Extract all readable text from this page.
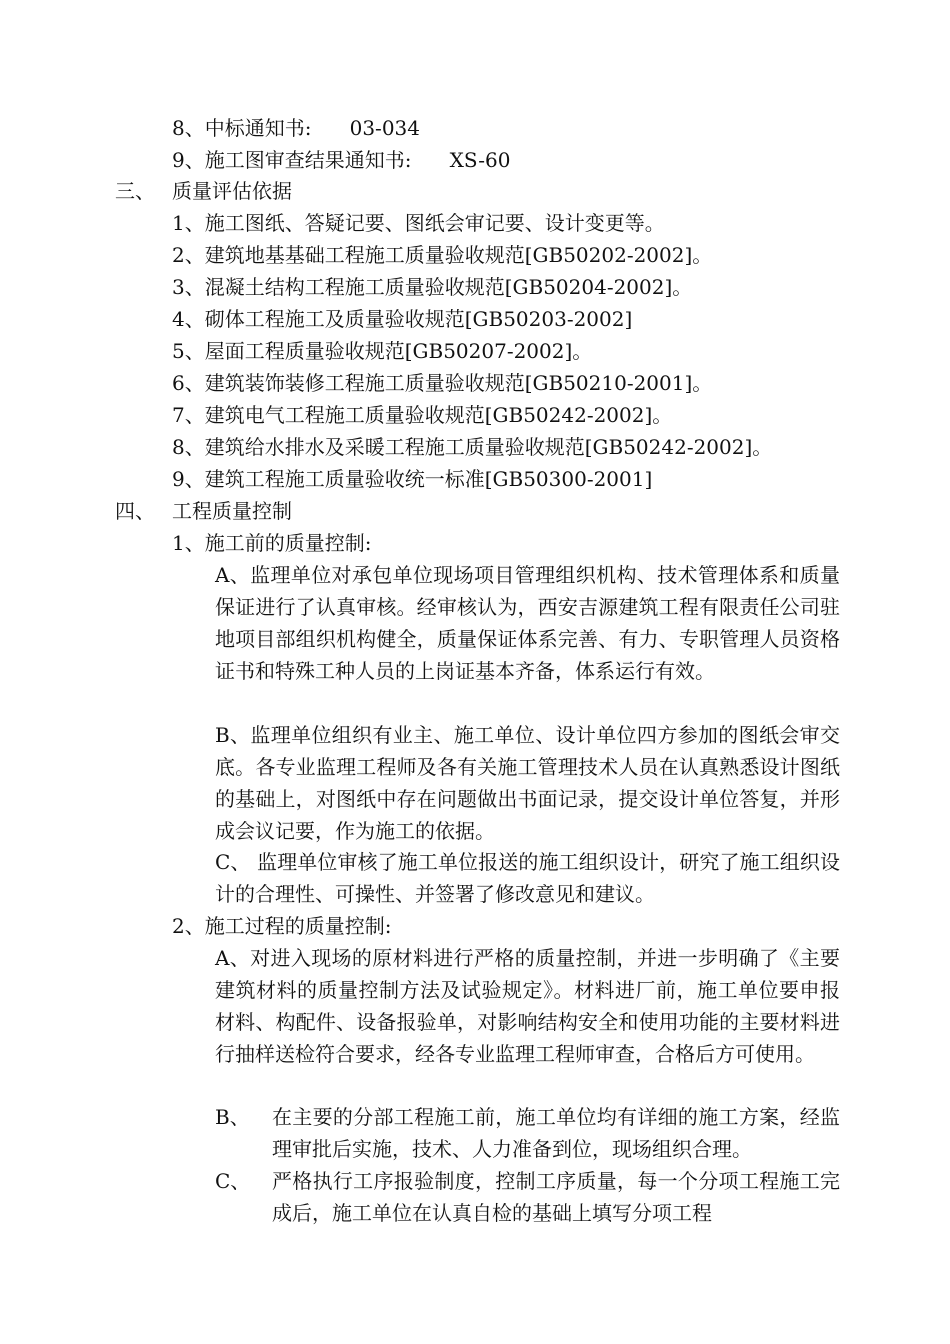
8、中标通知书:      03-034
9、施工图审查结果通知书:      XS-60
三、 质量评估依据
1、施工图纸、答疑记要、图纸会审记要、设计变更等。
2、建筑地基基础工程施工质量验收规范[GB50202-2002]。
3、混凝土结构工程施工质量验收规范[GB50204-2002]。
4、砌体工程施工及质量验收规范[GB50203-2002]
5、屋面工程质量验收规范[GB50207-2002]。
6、建筑装饰装修工程施工质量验收规范[GB50210-2001]。
7、建筑电气工程施工质量验收规范[GB50242-2002]。
8、建筑给水排水及采暖工程施工质量验收规范[GB50242-2002]。
9、建筑工程施工质量验收统一标准[GB50300-2001]
四、 工程质量控制
1、施工前的质量控制:
A、监理单位对承包单位现场项目管理组织机构、技术管理体系和质量保证进行了认真审核。经审核认为，西安吉源建筑工程有限责任公司驻地项目部组织机构健全，质量保证体系完善、有力、专职管理人员资格证书和特殊工种人员的上岗证基本齐备，体系运行有效。
B、监理单位组织有业主、施工单位、设计单位四方参加的图纸会审交底。各专业监理工程师及各有关施工管理技术人员在认真熟悉设计图纸的基础上，对图纸中存在问题做出书面记录，提交设计单位答复，并形成会议记要，作为施工的依据。
C、 监理单位审核了施工单位报送的施工组织设计，研究了施工组织设计的合理性、可操性、并签署了修改意见和建议。
2、施工过程的质量控制:
A、对进入现场的原材料进行严格的质量控制，并进一步明确了《主要建筑材料的质量控制方法及试验规定》。材料进厂前，施工单位要申报材料、构配件、设备报验单，对影响结构安全和使用功能的主要材料进行抽样送检符合要求，经各专业监理工程师审查，合格后方可使用。
B、 在主要的分部工程施工前，施工单位均有详细的施工方案，经监理审批后实施，技术、人力准备到位，现场组织合理。
C、 严格执行工序报验制度，控制工序质量，每一个分项工程施工完成后，施工单位在认真自检的基础上填写分项工程
